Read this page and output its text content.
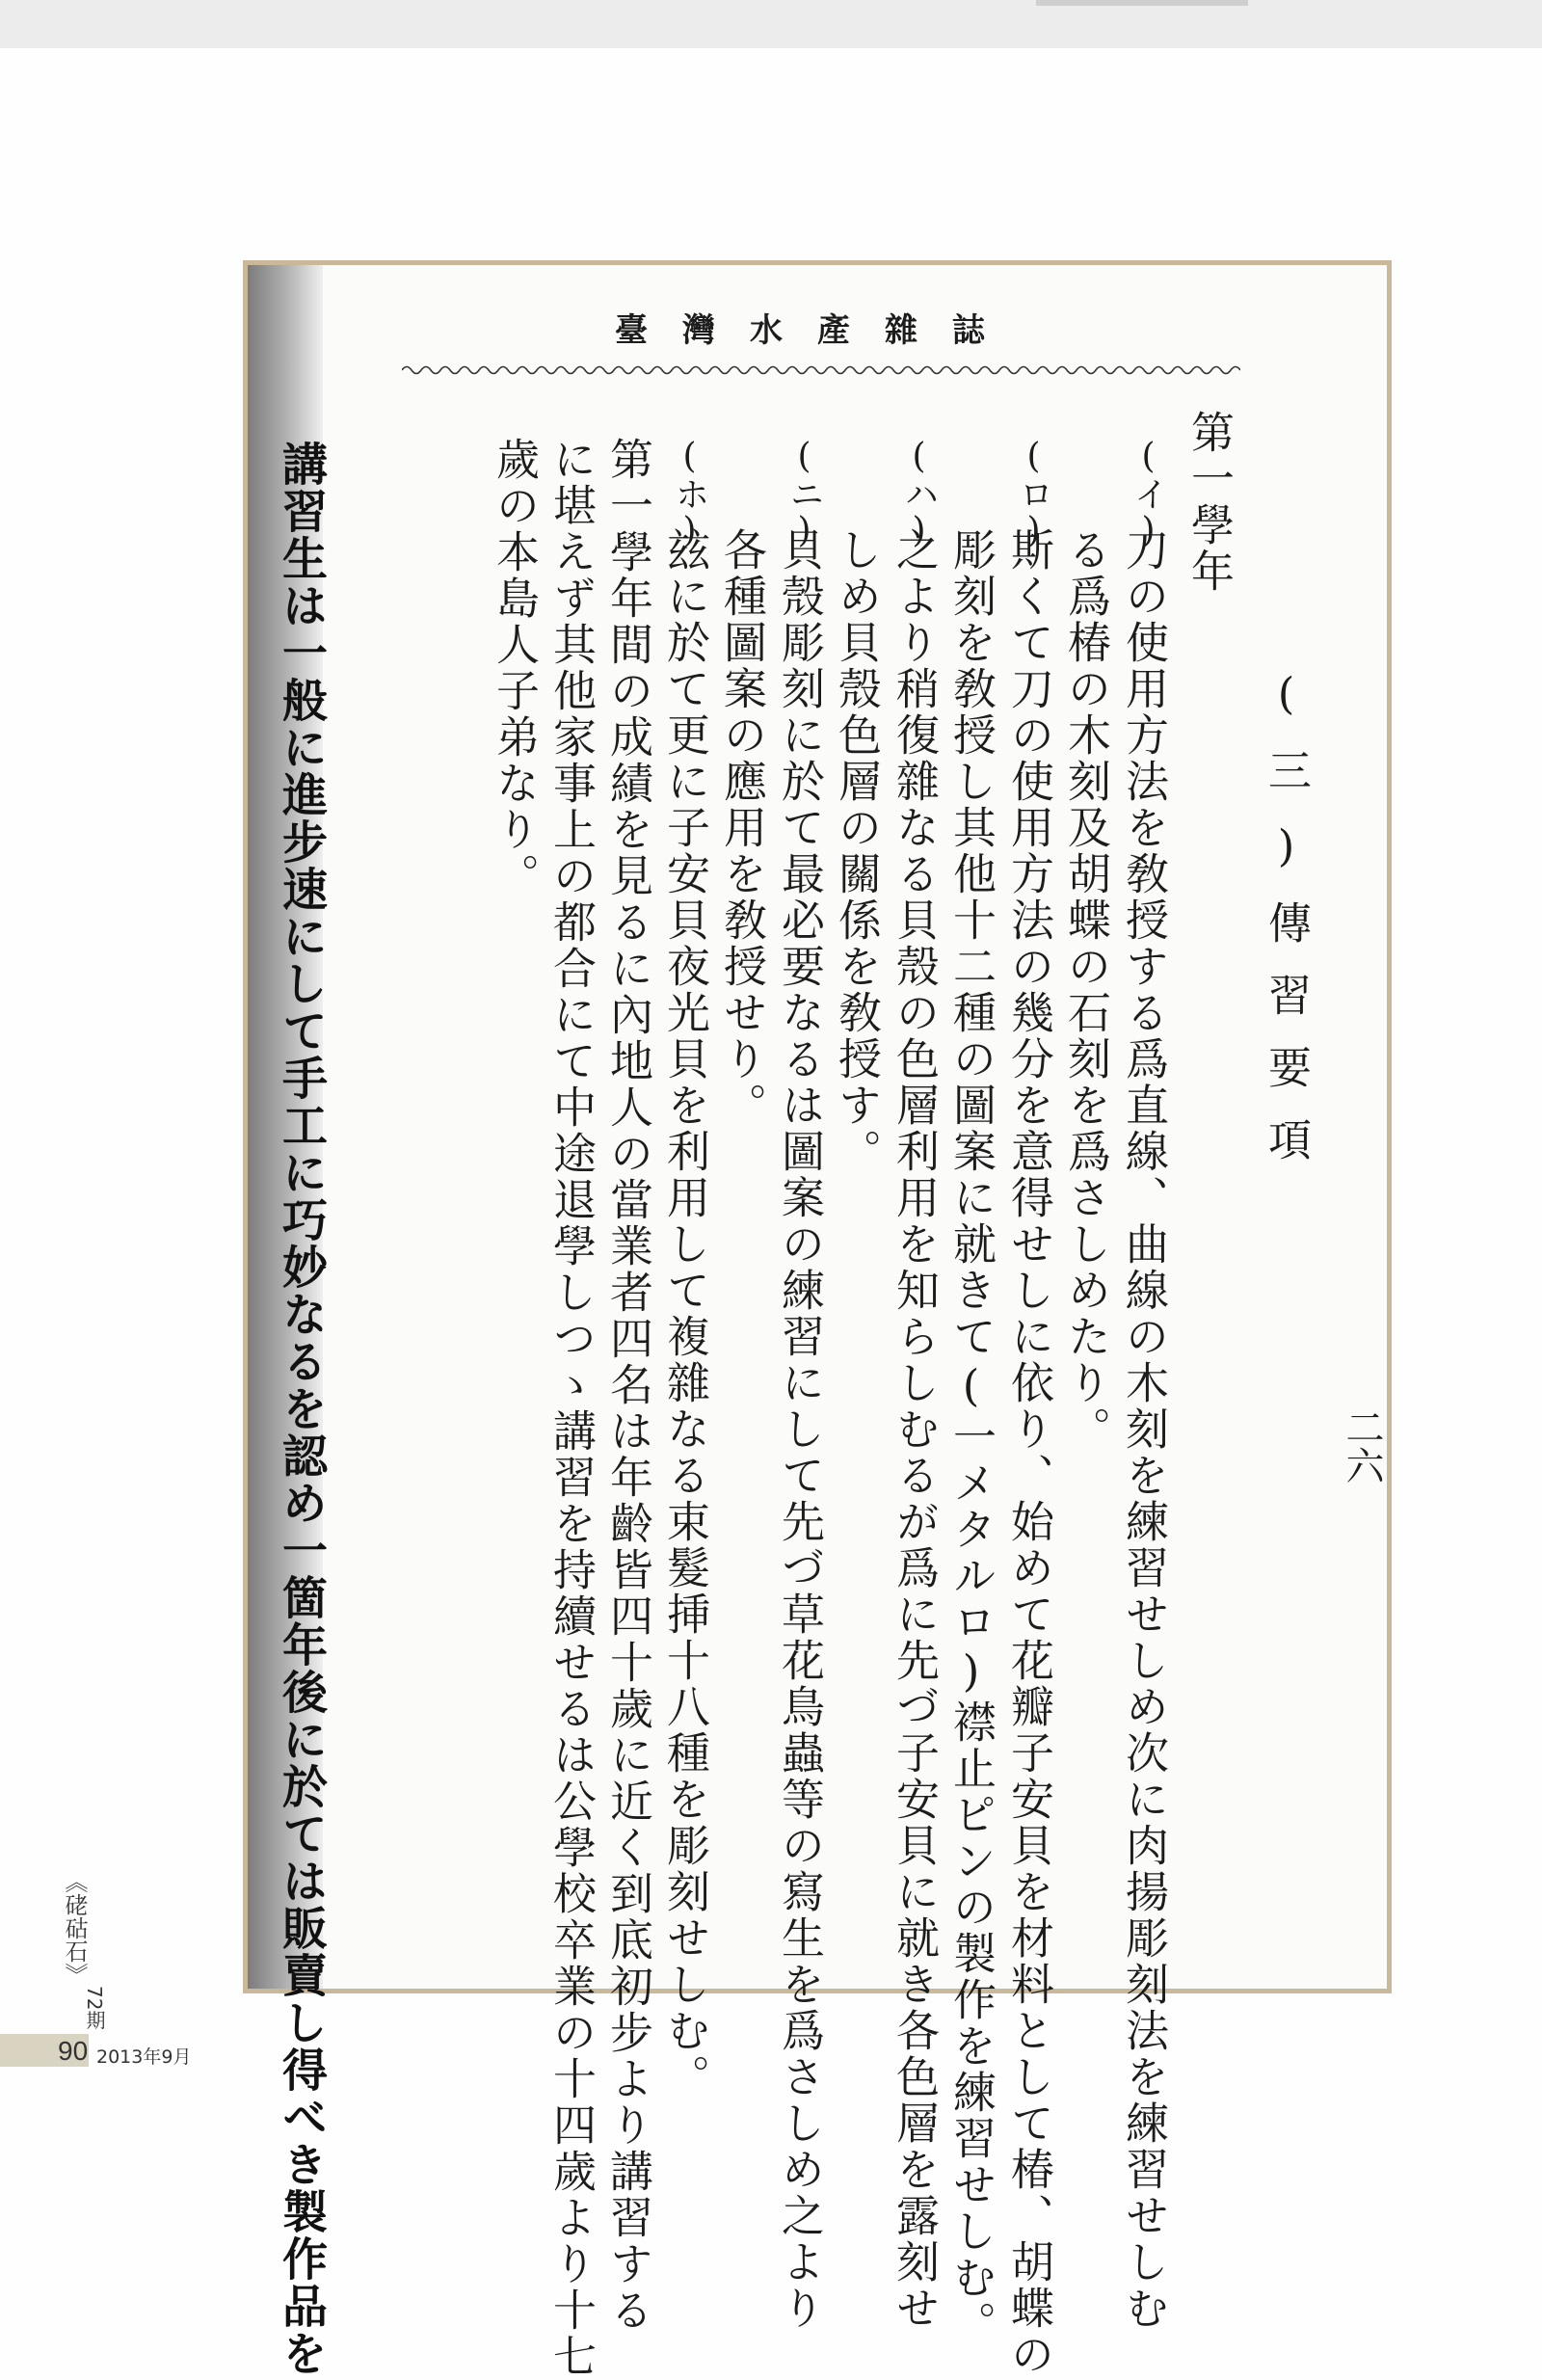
臺灣水產雜誌

第一學年

(三)傳習要項

(イ)

刀の使用方法を敎授する爲直線、曲線の木刻を練習せしめ次に肉揚彫刻法を練習せしむ

る爲椿の木刻及胡蝶の石刻を爲さしめたり。

(ロ)

斯くて刀の使用方法の幾分を意得せしに依り、始めて花瓣子安貝を材料として椿、胡蝶の

彫刻を敎授し其他十二種の圖案に就きて(一メタルロ)襟止ピンの製作を練習せしむ。

(ハ)

之より稍復雜なる貝殼の色層利用を知らしむるが爲に先づ子安貝に就き各色層を露刻せ

しめ貝殼色層の關係を敎授す。

(ニ)

貝殼彫刻に於て最必要なるは圖案の練習にして先づ草花鳥蟲等の寫生を爲さしめ之より

各種圖案の應用を敎授せり。

(ホ)

玆に於て更に子安貝夜光貝を利用して複雜なる束髮挿十八種を彫刻せしむ。

第一學年間の成績を見るに內地人の當業者四名は年齡皆四十歲に近く到底初步より講習する

に堪えず其他家事上の都合にて中途退學しつゝ講習を持續せるは公學校卒業の十四歲より十七

歲の本島人子弟なり。

講習生は一般に進步速にして手工に巧妙なるを認め一箇年後に於ては販賣し得べき製作品を	二六

《硓𥑮石》

72期

90 2013年9月
